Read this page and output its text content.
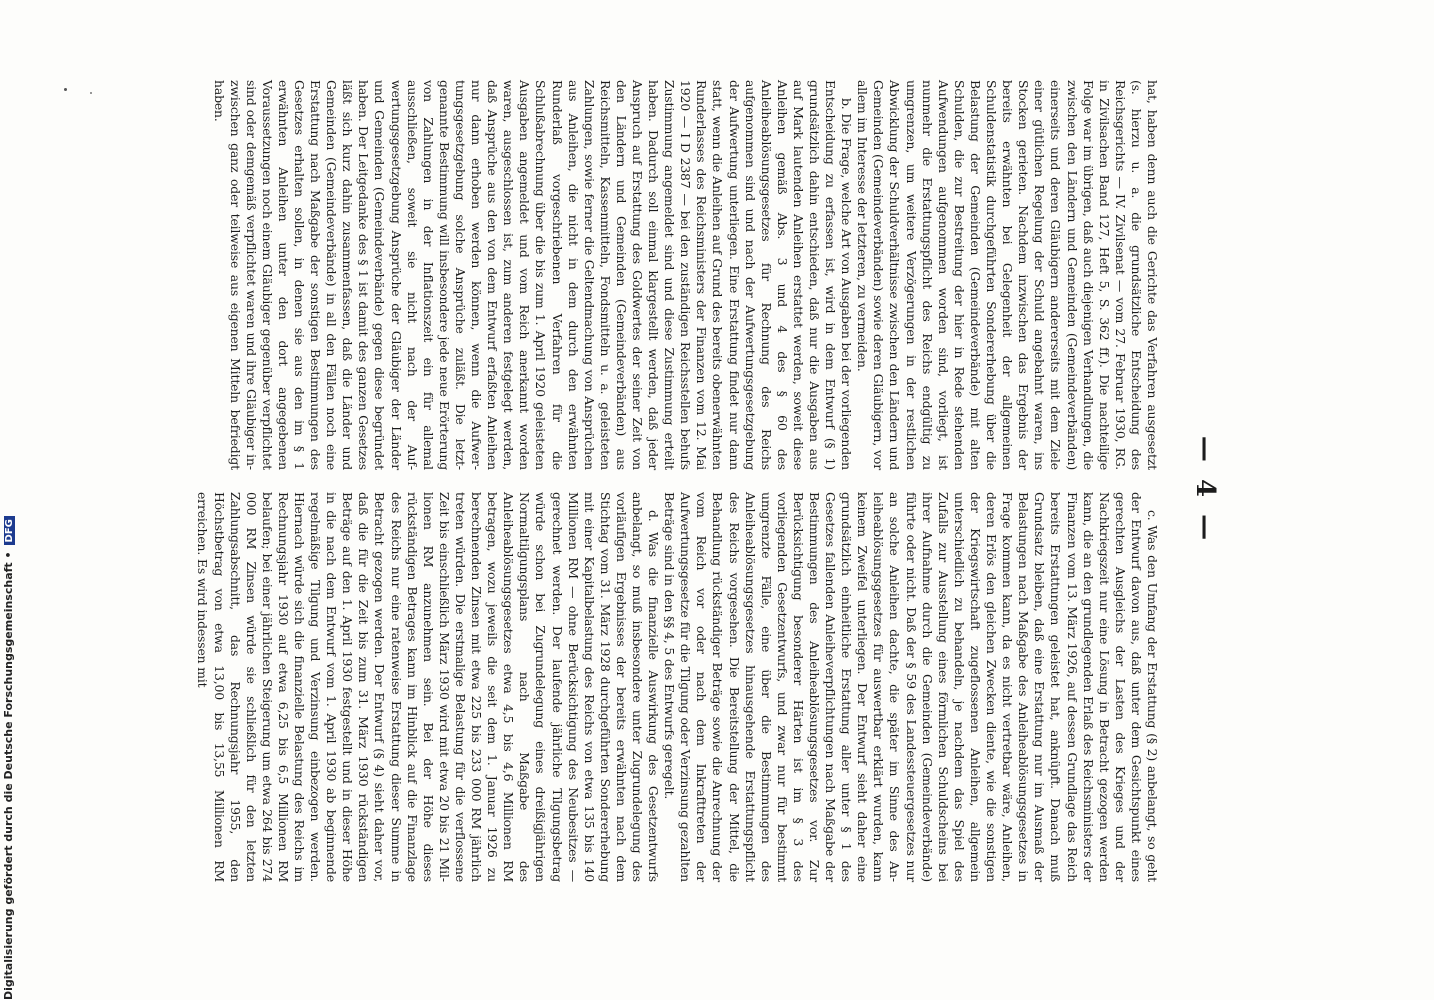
— 4 —

hat, haben denn auch die Gerichte das Verfahren ausgesetzt (s. hierzu u. a. die grundsätzliche Entscheidung des Reichsgerichts — IV. Zivilsenat — vom 27. Februar 1930, RG. in Zivilsachen Band 127, Heft 5, S. 362 ff.). Die nachteilige Folge war im übrigen, daß auch diejenigen Verhandlungen, die zwischen den Ländern und Gemeinden (Gemeindeverbänden) einerseits und deren Gläubigern andererseits mit dem Ziele einer gütlichen Regelung der Schuld angebahnt waren, ins Stocken gerieten. Nachdem inzwischen das Ergebnis der bereits erwähnten bei Gelegenheit der allgemeinen Schuldenstatistik durchgeführten Sondererhebung über die Belastung der Gemeinden (Gemeindeverbände) mit alten Schulden, die zur Bestreitung der hier in Rede stehenden Aufwendungen aufgenommen worden sind, vorliegt, ist nunmehr die Erstattungspflicht des Reichs endgültig zu umgrenzen, um weitere Verzögerungen in der restlichen Abwicklung der Schuldverhältnisse zwischen den Ländern und Gemeinden (Gemeindeverbänden) sowie deren Gläubigern, vor allem im Interesse der letzteren, zu vermeiden.

b. Die Frage, welche Art von Ausgaben bei der vorliegenden Entscheidung zu erfassen ist, wird in dem Entwurf (§ 1) grundsätzlich dahin entschieden, daß nur die Ausgaben aus auf Mark lautenden Anleihen erstattet werden, soweit diese Anleihen gemäß Abs. 3 und 4 des § 60 des Anleiheablösungsgesetzes für Rechnung des Reichs aufgenommen sind und nach der Aufwertungsgesetzgebung der Aufwertung unterliegen. Eine Erstattung findet nur dann statt, wenn die Anleihen auf Grund des bereits obenerwähnten Runderlasses des Reichsministers der Finanzen vom 12. Mai 1920 — I D 2387 — bei den zuständigen Reichsstellen behufs Zustimmung angemeldet sind und diese Zustimmung erteilt haben. Dadurch soll einmal klargestellt werden, daß jeder Anspruch auf Erstattung des Goldwertes der seiner Zeit von den Ländern und Gemeinden (Gemeindeverbänden) aus Reichsmitteln, Kassenmitteln, Fondsmitteln u. a. geleisteten Zahlungen, sowie ferner die Geltendmachung von Ansprüchen aus Anleihen, die nicht in dem durch den erwähnten Runderlaß vorgeschriebenen Verfahren für die Schlußabrechnung über die bis zum 1. April 1920 geleisteten Ausgaben angemeldet und vom Reich anerkannt worden waren, ausgeschlossen ist, zum anderen festgelegt werden, daß Ansprüche aus den von dem Entwurf erfaßten Anleihen nur dann erhoben werden können, wenn die Aufwertungsgesetzgebung solche Ansprüche zuläßt. Die letztgenannte Bestimmung will insbesondere jede neue Erörterung von Zahlungen in der Inflationszeit ein für allemal ausschließen, soweit sie nicht nach der Aufwertungsgesetzgebung Ansprüche der Gläubiger der Länder und Gemeinden (Gemeindeverbände) gegen diese begründet haben. Der Leitgedanke des § 1 ist damit des ganzen Gesetzes läßt sich kurz dahin zusammenfassen, daß die Länder und Gemeinden (Gemeindeverbände) in all den Fällen noch eine Erstattung nach Maßgabe der sonstigen Bestimmungen des Gesetzes erhalten sollen, in denen sie aus den im § 1 erwähnten Anleihen unter den dort angegebenen Voraussetzungen noch einem Gläubiger gegenüber verpflichtet sind oder demgemäß verpflichtet waren und ihre Gläubiger inzwischen ganz oder teilweise aus eigenen Mitteln befriedigt haben.

c. Was den Umfang der Erstattung (§ 2) anbelangt, so geht der Entwurf davon aus, daß unter dem Gesichtspunkt eines gerechten Ausgleichs der Lasten des Krieges und der Nachkriegszeit nur eine Lösung in Betracht gezogen werden kann, die an den grundlegenden Erlaß des Reichsministers der Finanzen vom 13. März 1926, auf dessen Grundlage das Reich bereits Erstattungen geleistet hat, anknüpft. Danach muß Grundsatz bleiben, daß eine Erstattung nur im Ausmaß der Belastungen nach Maßgabe des Anleiheablösungsgesetzes in Frage kommen kann, da es nicht vertretbar wäre, Anleihen, deren Erlös den gleichen Zwecken diente, wie die sonstigen der Kriegswirtschaft zugeflossenen Anleihen, allgemein unterschiedlich zu behandeln, je nachdem das Spiel des Zufalls zur Ausstellung eines förmlichen Schuldscheins bei ihrer Aufnahme durch die Gemeinden (Gemeindeverbände) führte oder nicht. Daß der § 59 des Landessteuergesetzes nur an solche Anleihen dachte, die später im Sinne des Anleiheablösungsgesetzes für auswertbar erklärt wurden, kann keinem Zweifel unterliegen. Der Entwurf sieht daher eine grundsätzlich einheitliche Erstattung aller unter § 1 des Gesetzes fallenden Anleiheverpflichtungen nach Maßgabe der Bestimmungen des Anleiheablösungsgesetzes vor. Zur Berücksichtigung besonderer Härten ist im § 3 des vorliegenden Gesetzentwurfs, und zwar nur für bestimmt umgrenzte Fälle, eine über die Bestimmungen des Anleiheablösungsgesetzes hinausgehende Erstattungspflicht des Reichs vorgesehen. Die Bereitstellung der Mittel, die Behandlung rückständiger Beträge sowie die Anrechnung der vom Reich vor oder nach dem Inkrafttreten der Aufwertungsgesetze für die Tilgung oder Verzinsung gezahlten Beträge sind in den §§ 4, 5 des Entwurfs geregelt.

d. Was die finanzielle Auswirkung des Gesetzentwurfs anbelangt, so muß insbesondere unter Zugrundelegung des vorläufigen Ergebnisses der bereits erwähnten nach dem Stichtag vom 31. März 1928 durchgeführten Sondererhebung mit einer Kapitalbelastung des Reichs von etwa 135 bis 140 Millionen RM — ohne Berücksichtigung des Neubesitzes — gerechnet werden. Der laufende jährliche Tilgungsbetrag würde schon bei Zugrundelegung eines dreißigjährigen Normaltilgungsplans nach Maßgabe des Anleiheablösungsgesetzes etwa 4,5 bis 4,6 Millionen RM betragen, wozu jeweils die seit dem 1. Januar 1926 zu berechnenden Zinsen mit etwa 225 bis 233 000 RM jährlich treten würden. Die erstmalige Belastung für die verflossene Zeit bis einschließlich März 1930 wird mit etwa 20 bis 21 Millionen RM anzunehmen sein. Bei der Höhe dieses rückständigen Betrages kann im Hinblick auf die Finanzlage des Reichs nur eine ratenweise Erstattung dieser Summe in Betracht gezogen werden. Der Entwurf (§ 4) sieht daher vor, daß die für die Zeit bis zum 31. März 1930 rückständigen Beträge auf den 1. April 1930 festgestellt und in dieser Höhe in die nach dem Entwurf vom 1. April 1930 ab beginnende regelmäßige Tilgung und Verzinsung einbezogen werden. Hiernach würde sich die finanzielle Belastung des Reichs im Rechnungsjahr 1930 auf etwa 6,25 bis 6,5 Millionen RM belaufen; bei einer jährlichen Steigerung um etwa 264 bis 274 000 RM Zinsen würde sie schließlich für den letzten Zahlungsabschnitt, das Rechnungsjahr 1955, den Höchstbetrag von etwa 13,00 bis 13,55 Millionen RM erreichen. Es wird indessen mit

Digitalisierung gefördert durch die Deutsche Forschungsgemeinschaft •DFG
